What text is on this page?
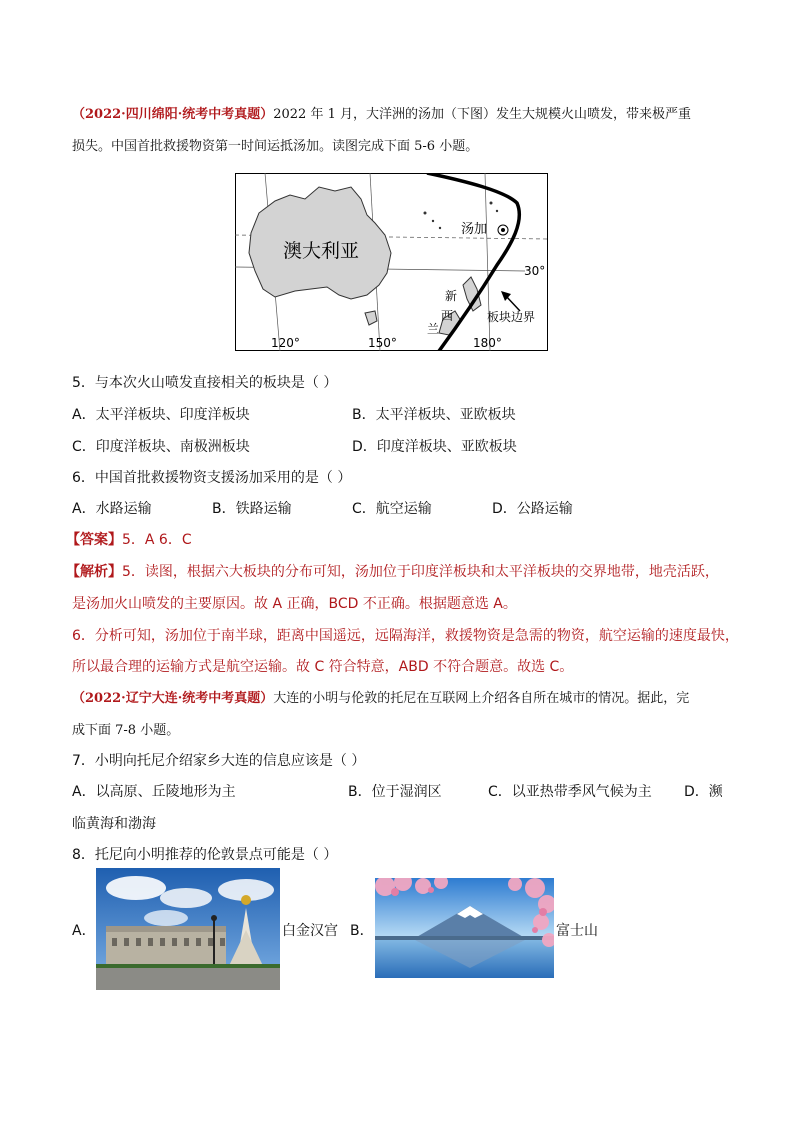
（2022·四川绵阳·统考中考真题）2022 年 1 月，大洋洲的汤加（下图）发生大规模火山喷发，带来极严重
损失。中国首批救援物资第一时间运抵汤加。读图完成下面 5-6 小题。
澳大利亚
汤加
新
西
兰
板块边界
30°
120°	150°	180°
5．与本次火山喷发直接相关的板块是（ ）
A．太平洋板块、印度洋板块	B．太平洋板块、亚欧板块
C．印度洋板块、南极洲板块	D．印度洋板块、亚欧板块
6．中国首批救援物资支援汤加采用的是（ ）
A．水路运输	B．铁路运输	C．航空运输	D．公路运输
【答案】5．A 6．C
【解析】5．读图，根据六大板块的分布可知，汤加位于印度洋板块和太平洋板块的交界地带，地壳活跃，
是汤加火山喷发的主要原因。故 A 正确，BCD 不正确。根据题意选 A。
6．分析可知，汤加位于南半球，距离中国遥远，远隔海洋，救援物资是急需的物资，航空运输的速度最快，
所以最合理的运输方式是航空运输。故 C 符合特意，ABD 不符合题意。故选 C。
（2022·辽宁大连·统考中考真题）大连的小明与伦敦的托尼在互联网上介绍各自所在城市的情况。据此，完
成下面 7-8 小题。
7．小明向托尼介绍家乡大连的信息应该是（ ）
A．以高原、丘陵地形为主	B．位于湿润区	C．以亚热带季风气候为主 D．濒
临黄海和渤海
8．托尼向小明推荐的伦敦景点可能是（ ）
A．	白金汉宫 B．	富士山
